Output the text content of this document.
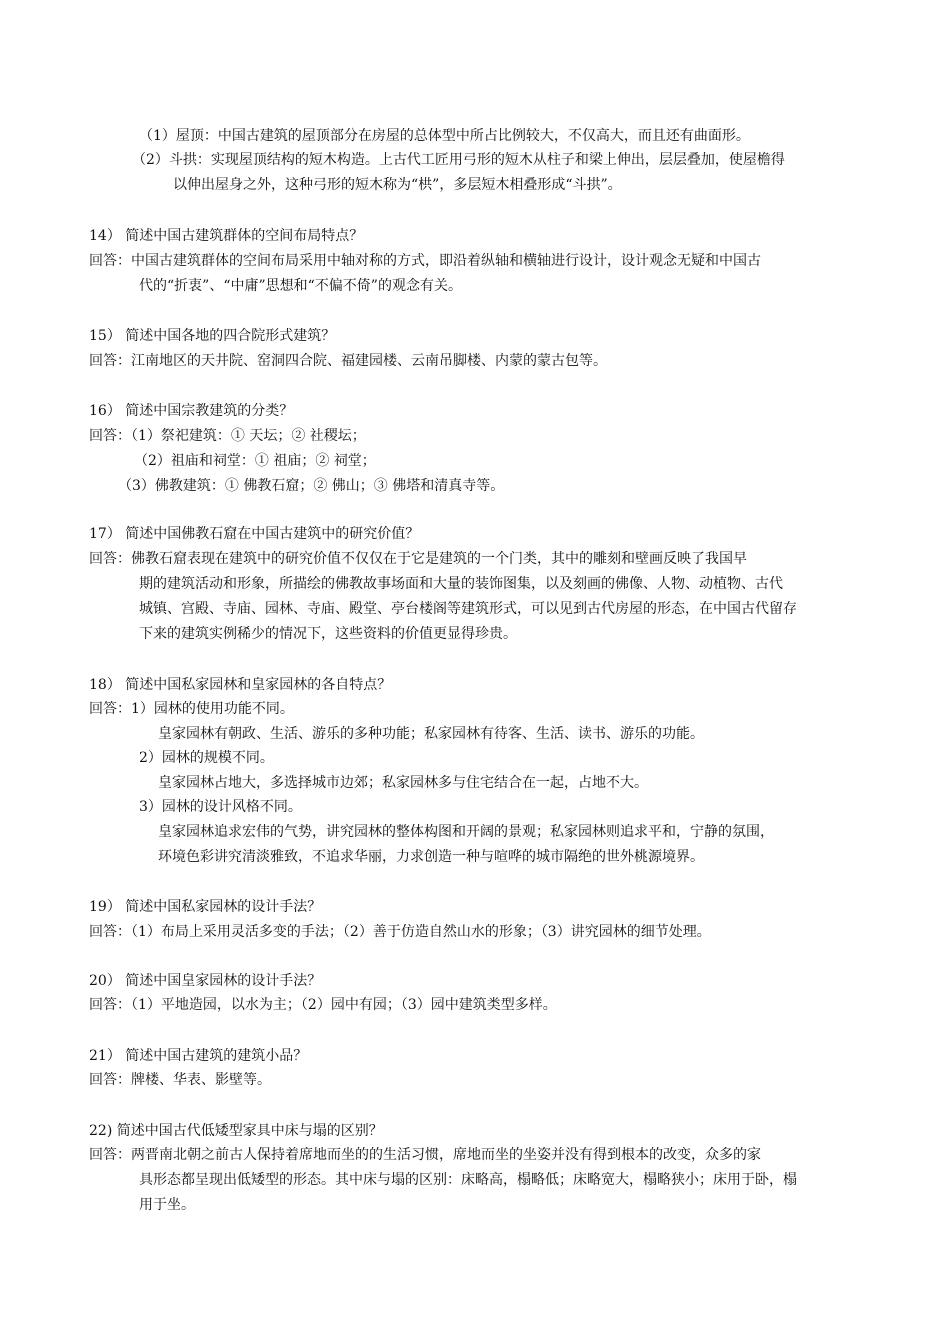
（1）屋顶：中国古建筑的屋顶部分在房屋的总体型中所占比例较大，不仅高大，而且还有曲面形。
（2）斗拱：实现屋顶结构的短木构造。上古代工匠用弓形的短木从柱子和梁上伸出，层层叠加，使屋檐得
以伸出屋身之外，这种弓形的短木称为“栱”，多层短木相叠形成“斗拱”。
14） 简述中国古建筑群体的空间布局特点？
回答：中国古建筑群体的空间布局采用中轴对称的方式，即沿着纵轴和横轴进行设计，设计观念无疑和中国古
代的“折衷”、“中庸”思想和“不偏不倚”的观念有关。
15） 简述中国各地的四合院形式建筑？
回答：江南地区的天井院、窑洞四合院、福建园楼、云南吊脚楼、内蒙的蒙古包等。
16） 简述中国宗教建筑的分类？
回答：（1）祭祀建筑：① 天坛；② 社稷坛；
（2）祖庙和祠堂：① 祖庙；② 祠堂；
（3）佛教建筑：① 佛教石窟；② 佛山；③ 佛塔和清真寺等。
17） 简述中国佛教石窟在中国古建筑中的研究价值？
回答：佛教石窟表现在建筑中的研究价值不仅仅在于它是建筑的一个门类，其中的雕刻和壁画反映了我国早
期的建筑活动和形象，所描绘的佛教故事场面和大量的装饰图集，以及刻画的佛像、人物、动植物、古代
城镇、宫殿、寺庙、园林、寺庙、殿堂、亭台楼阁等建筑形式，可以见到古代房屋的形态，在中国古代留存
下来的建筑实例稀少的情况下，这些资料的价值更显得珍贵。
18） 简述中国私家园林和皇家园林的各自特点？
回答：1）园林的使用功能不同。
皇家园林有朝政、生活、游乐的多种功能；私家园林有待客、生活、读书、游乐的功能。
2）园林的规模不同。
皇家园林占地大，多选择城市边郊；私家园林多与住宅结合在一起，占地不大。
3）园林的设计风格不同。
皇家园林追求宏伟的气势，讲究园林的整体构图和开阔的景观；私家园林则追求平和，宁静的氛围，
环境色彩讲究清淡雅致，不追求华丽，力求创造一种与喧哗的城市隔绝的世外桃源境界。
19） 简述中国私家园林的设计手法？
回答：（1）布局上采用灵活多变的手法；（2）善于仿造自然山水的形象；（3）讲究园林的细节处理。
20） 简述中国皇家园林的设计手法？
回答：（1）平地造园，以水为主；（2）园中有园；（3）园中建筑类型多样。
21） 简述中国古建筑的建筑小品？
回答：牌楼、华表、影壁等。
22) 简述中国古代低矮型家具中床与塌的区别？
回答：两晋南北朝之前古人保持着席地而坐的的生活习惯，席地而坐的坐姿并没有得到根本的改变，众多的家
具形态都呈现出低矮型的形态。其中床与塌的区别：床略高，榻略低；床略宽大，榻略狭小；床用于卧，榻
用于坐。
